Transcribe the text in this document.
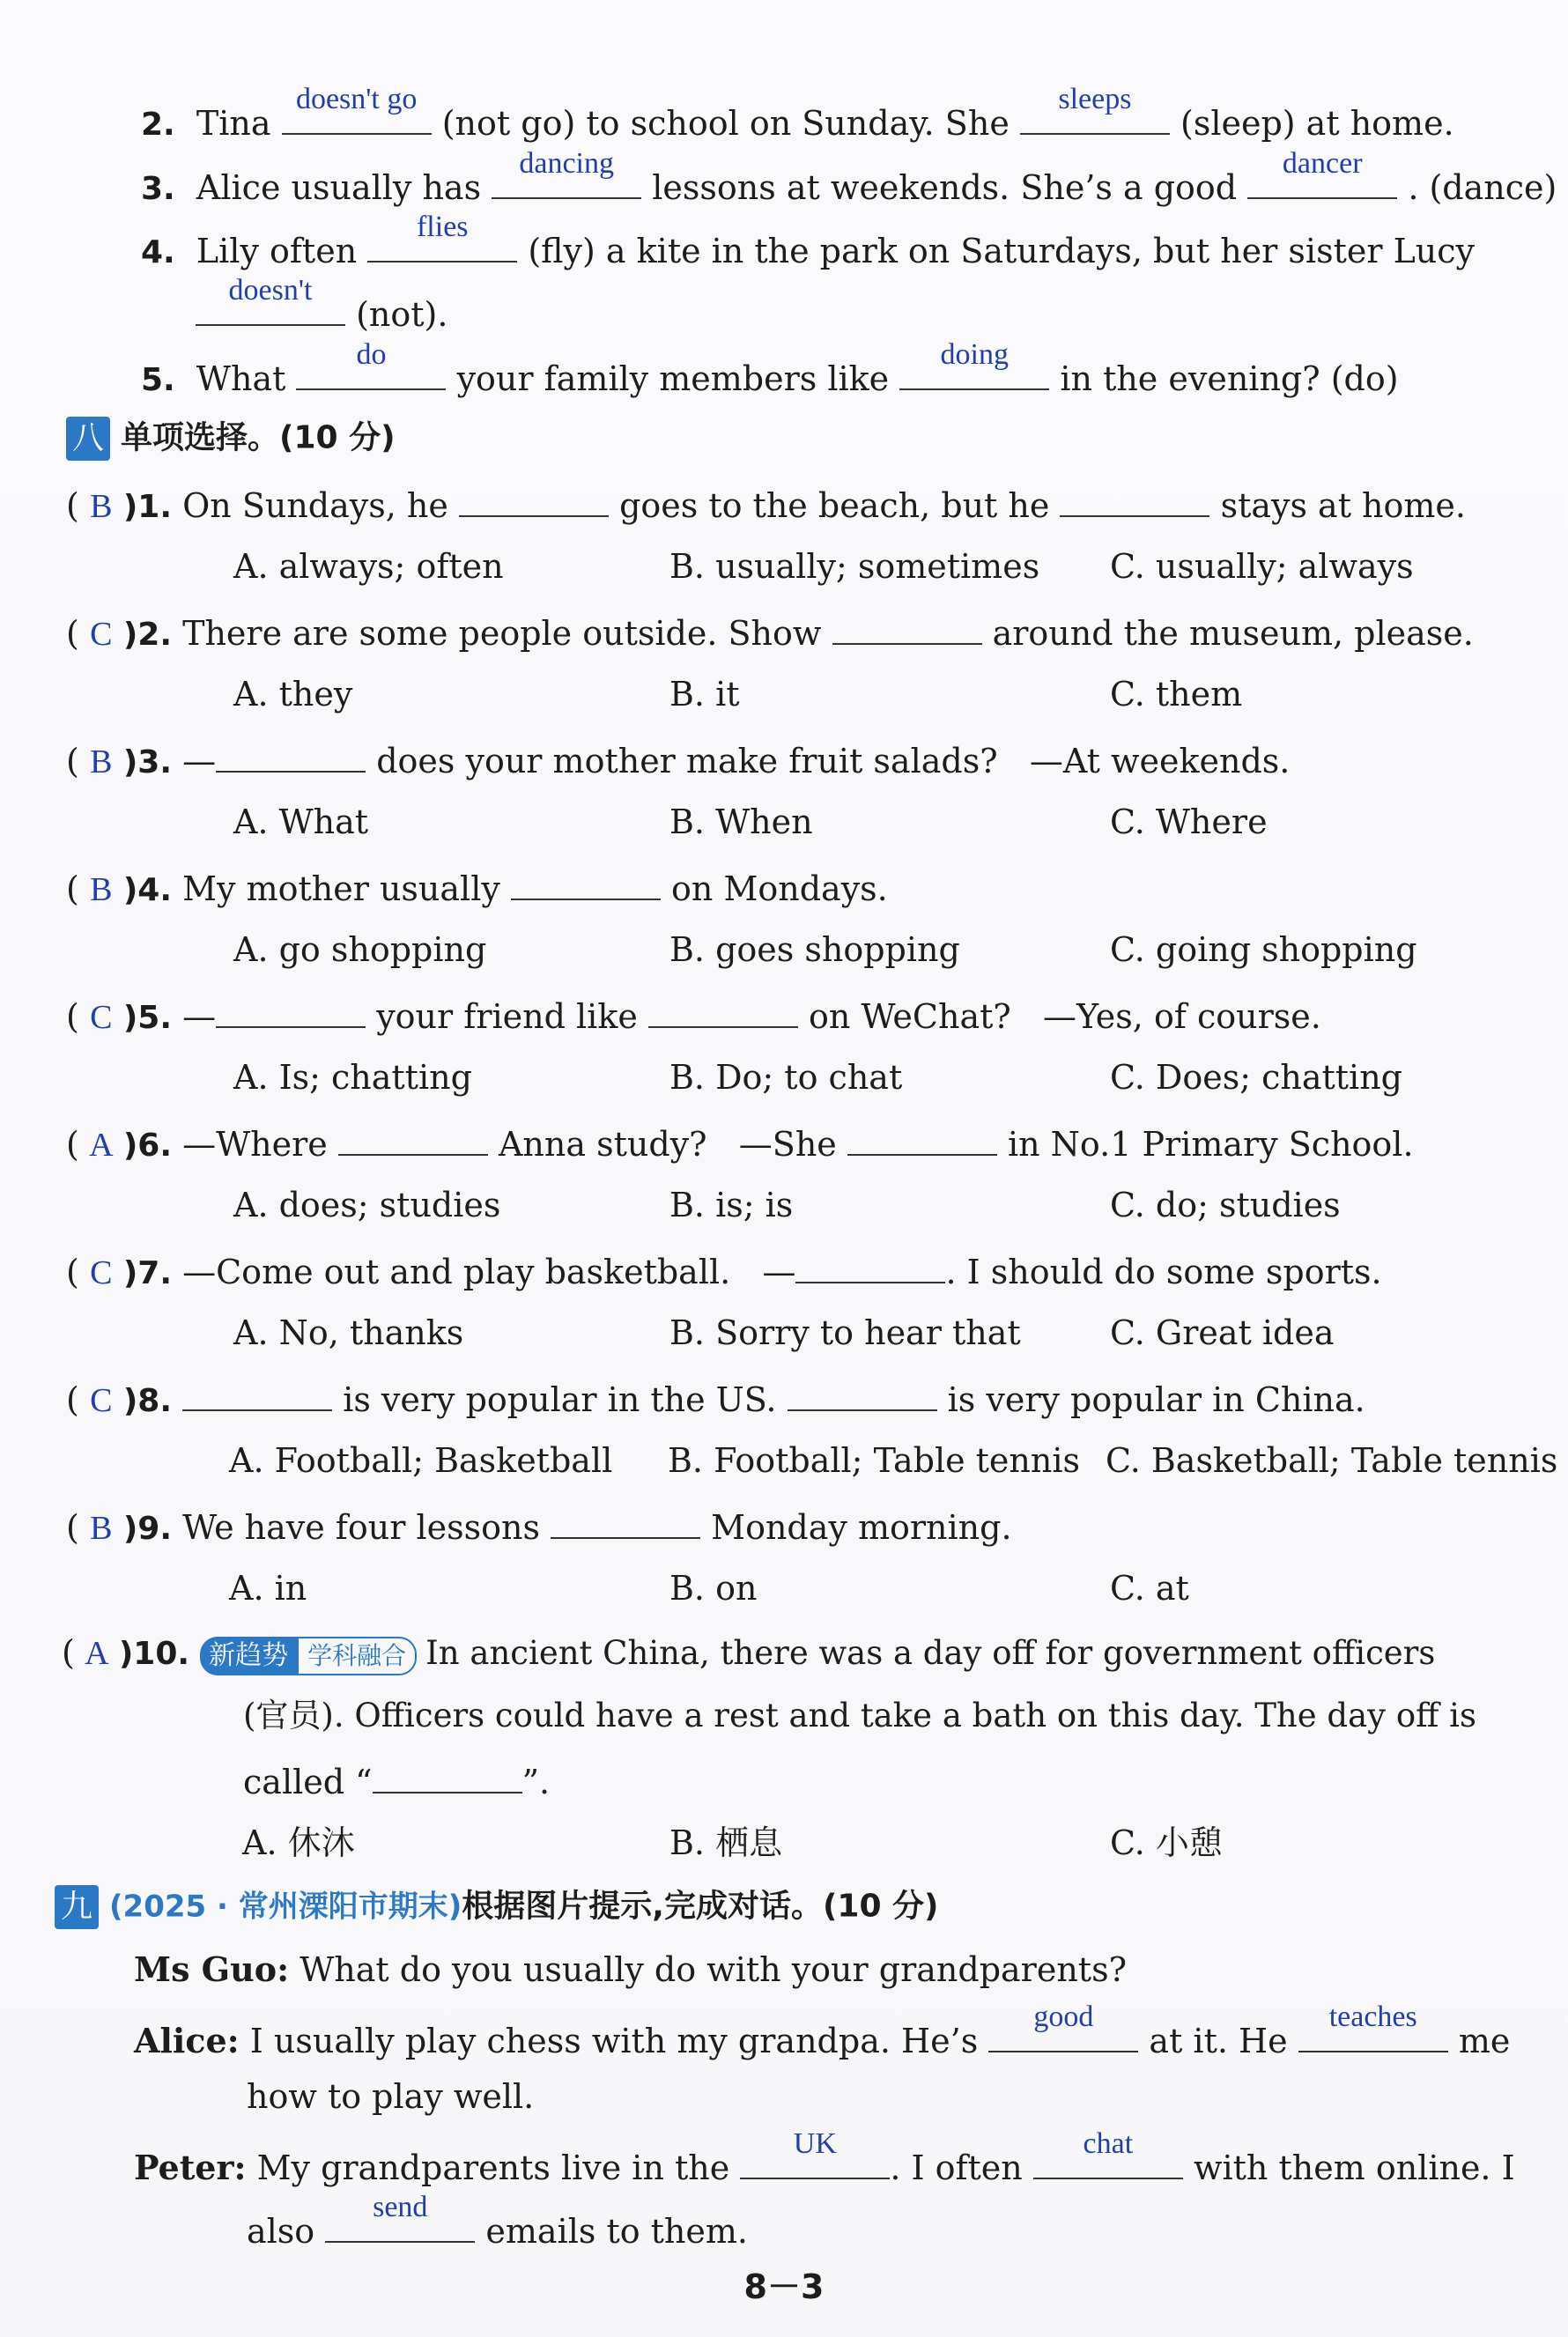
2. Tina
doesn't go
(not go) to school on Sunday. She
sleeps
(sleep) at home.
3. Alice usually has
dancing
lessons at weekends. She’s a good
dancer
. (dance)
4. Lily often
flies
(fly) a kite in the park on Saturdays, but her sister Lucy
doesn't
(not).
5. What
do
your family members like
doing
in the evening? (do)
八 单项选择。(10 分)
( B )1. On Sundays, he	goes to the beach, but he	stays at home.
A. always; often	B. usually; sometimes C. usually; always
( C )2. There are some people outside. Show	around the museum, please.
A. they	B. it	C. them
( B )3. —	does your mother make fruit salads? —At weekends.
A. What	B. When	C. Where
( B )4. My mother usually	on Mondays.
A. go shopping	B. goes shopping	C. going shopping
( C )5. —	your friend like	on WeChat? —Yes, of course.
A. Is; chatting	B. Do; to chat	C. Does; chatting
( A )6. —Where	Anna study? —She	in No.1 Primary School.
A. does; studies	B. is; is	C. do; studies
( C )7. —Come out and play basketball. —	. I should do some sports.
A. No, thanks	B. Sorry to hear that	C. Great idea
( C )8.	is very popular in the US.	is very popular in China.
A. Football; Basketball B. Football; Table tennis C. Basketball; Table tennis
( B )9. We have four lessons	Monday morning.
A. in	B. on	C. at
( A )10. 新趋势 学科融合 In ancient China, there was a day off for government officers
(官员). Officers could have a rest and take a bath on this day. The day off is
called “	”.
A. 休沐	B. 栖息	C. 小憩
九 (2025 · 常州溧阳市期末)根据图片提示,完成对话。(10 分)
Ms Guo: What do you usually do with your grandparents?
Alice: I usually play chess with my grandpa. He’s
good
at it. He
teaches
me
how to play well.
Peter: My grandparents live in the
UK
. I often
chat
with them online. I
also
send
emails to them.
8－3
